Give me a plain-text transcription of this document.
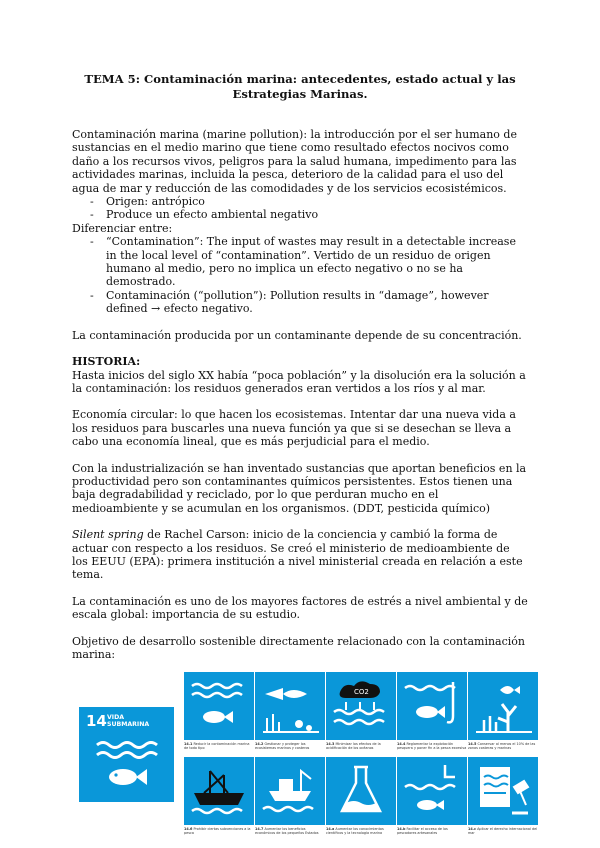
TEMA 5: Contaminación marina: antecedentes, estado actual y las Estrategias Marinas.

Contaminación marina (marine pollution): la introducción por el ser humano de sustancias en el medio marino que tiene como resultado efectos nocivos como daño a los recursos vivos, peligros para la salud humana, impedimento para las actividades marinas, incluida la pesca, deterioro de la calidad para el uso del agua de mar y reducción de las comodidades y de los servicios ecosistémicos.

- Origen: antrópico
- Produce un efecto ambiental negativo

Diferenciar entre:

- “Contamination”: The input of wastes may result in a detectable increase in the local level of “contamination”. Vertido de un residuo de origen humano al medio, pero no implica un efecto negativo o no se ha demostrado.
- Contaminación (“pollution”): Pollution results in “damage”, however defined → efecto negativo.

La contaminación producida por un contaminante depende de su concentración.

HISTORIA:

Hasta inicios del siglo XX había “poca población” y la disolución era la solución a la contaminación: los residuos generados eran vertidos a los ríos y al mar.

Economía circular: lo que hacen los ecosistemas. Intentar dar una nueva vida a los residuos para buscarles una nueva función ya que si se desechan se lleva a cabo una economía lineal, que es más perjudicial para el medio.

Con la industrialización se han inventado sustancias que aportan beneficios en la productividad pero son contaminantes químicos persistentes. Estos tienen una baja degradabilidad y reciclado, por lo que perduran mucho en el medioambiente y se acumulan en los organismos. (DDT, pesticida químico)

Silent spring de Rachel Carson: inicio de la conciencia y cambió la forma de actuar con respecto a los residuos. Se creó el ministerio de medioambiente de los EEUU (EPA): primera institución a nivel ministerial creada en relación a este tema.

La contaminación es uno de los mayores factores de estrés a nivel ambiental y de escala global: importancia de su estudio.

Objetivo de desarrollo sostenible directamente relacionado con la contaminación marina:

14 VIDA SUBMARINA
14.1 Reducir la contaminación marina de todo tipo
14.2 Gestionar y proteger los ecosistemas marinos y costeros
CO2
14.3 Minimizar los efectos de la acidificación de los océanos
14.4 Reglamentar la explotación pesquera y poner fin a la pesca excesiva
14.5 Conservar al menos el 10% de las zonas costeras y marinas
14.6 Prohibir ciertas subvenciones a la pesca
14.7 Aumentar los beneficios económicos de los pequeños Estados
14.a Aumentar los conocimientos científicos y la tecnología marina
14.b Facilitar el acceso de los pescadores artesanales
14.c Aplicar el derecho internacional del mar
